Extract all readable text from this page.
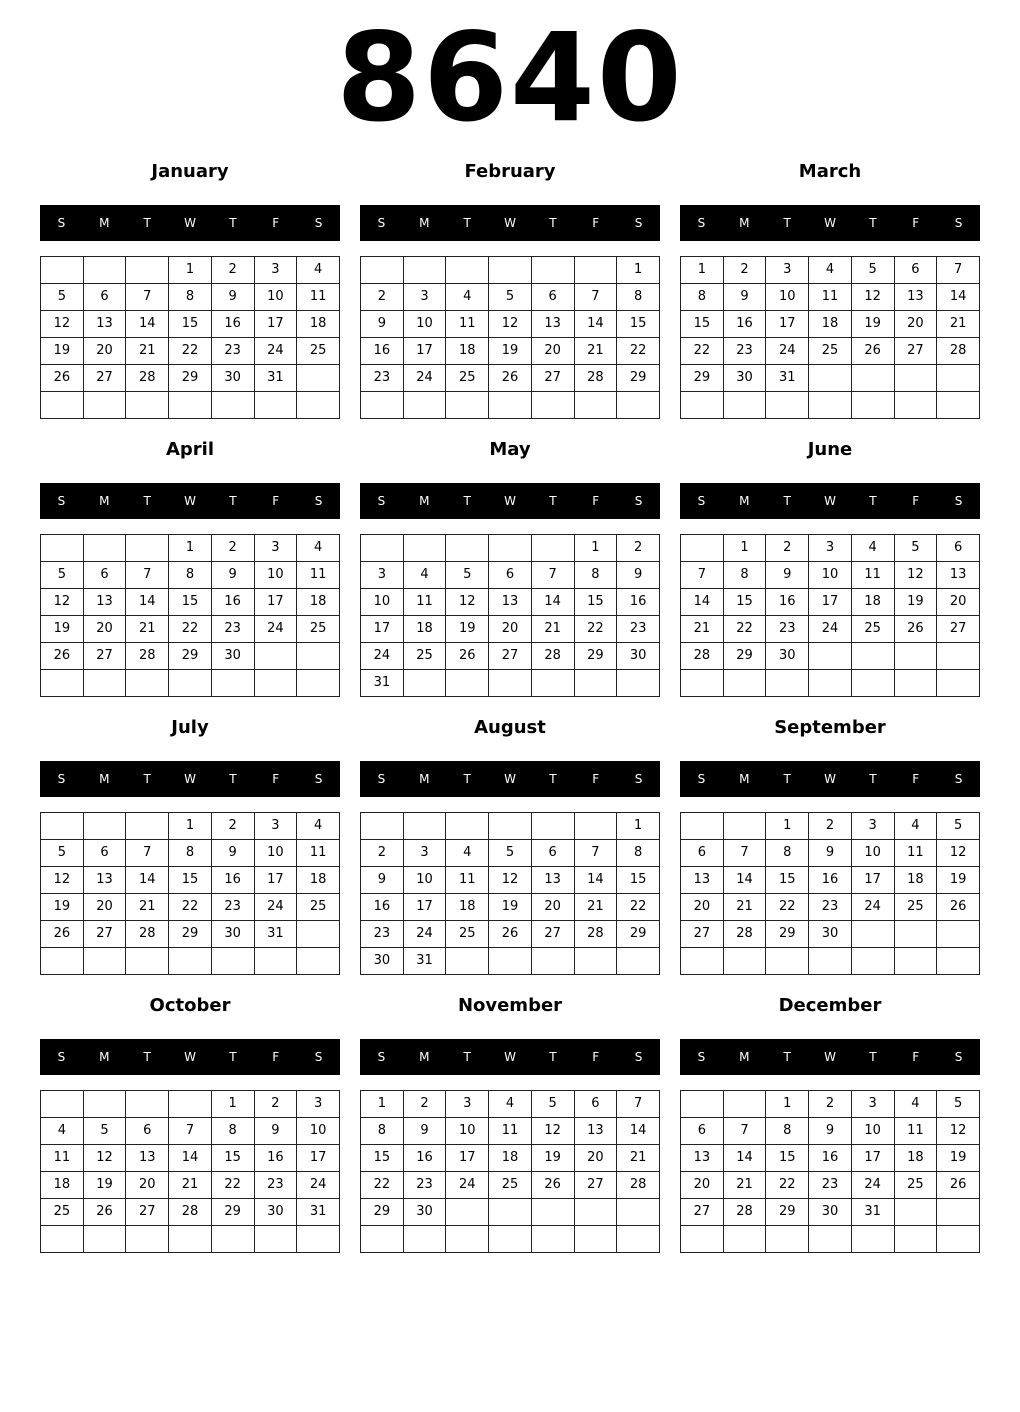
8640
January
S	M	T	W	T	F	S
			1	2	3	4
5	6	7	8	9	10	11
12	13	14	15	16	17	18
19	20	21	22	23	24	25
26	27	28	29	30	31	

February
S	M	T	W	T	F	S
						1
2	3	4	5	6	7	8
9	10	11	12	13	14	15
16	17	18	19	20	21	22
23	24	25	26	27	28	29

March
S	M	T	W	T	F	S
1	2	3	4	5	6	7
8	9	10	11	12	13	14
15	16	17	18	19	20	21
22	23	24	25	26	27	28
29	30	31				

April
S	M	T	W	T	F	S
			1	2	3	4
5	6	7	8	9	10	11
12	13	14	15	16	17	18
19	20	21	22	23	24	25
26	27	28	29	30		

May
S	M	T	W	T	F	S
					1	2
3	4	5	6	7	8	9
10	11	12	13	14	15	16
17	18	19	20	21	22	23
24	25	26	27	28	29	30
31						
June
S	M	T	W	T	F	S
	1	2	3	4	5	6
7	8	9	10	11	12	13
14	15	16	17	18	19	20
21	22	23	24	25	26	27
28	29	30				

July
S	M	T	W	T	F	S
			1	2	3	4
5	6	7	8	9	10	11
12	13	14	15	16	17	18
19	20	21	22	23	24	25
26	27	28	29	30	31	

August
S	M	T	W	T	F	S
						1
2	3	4	5	6	7	8
9	10	11	12	13	14	15
16	17	18	19	20	21	22
23	24	25	26	27	28	29
30	31					
September
S	M	T	W	T	F	S
		1	2	3	4	5
6	7	8	9	10	11	12
13	14	15	16	17	18	19
20	21	22	23	24	25	26
27	28	29	30			

October
S	M	T	W	T	F	S
				1	2	3
4	5	6	7	8	9	10
11	12	13	14	15	16	17
18	19	20	21	22	23	24
25	26	27	28	29	30	31

November
S	M	T	W	T	F	S
1	2	3	4	5	6	7
8	9	10	11	12	13	14
15	16	17	18	19	20	21
22	23	24	25	26	27	28
29	30					

December
S	M	T	W	T	F	S
		1	2	3	4	5
6	7	8	9	10	11	12
13	14	15	16	17	18	19
20	21	22	23	24	25	26
27	28	29	30	31		
